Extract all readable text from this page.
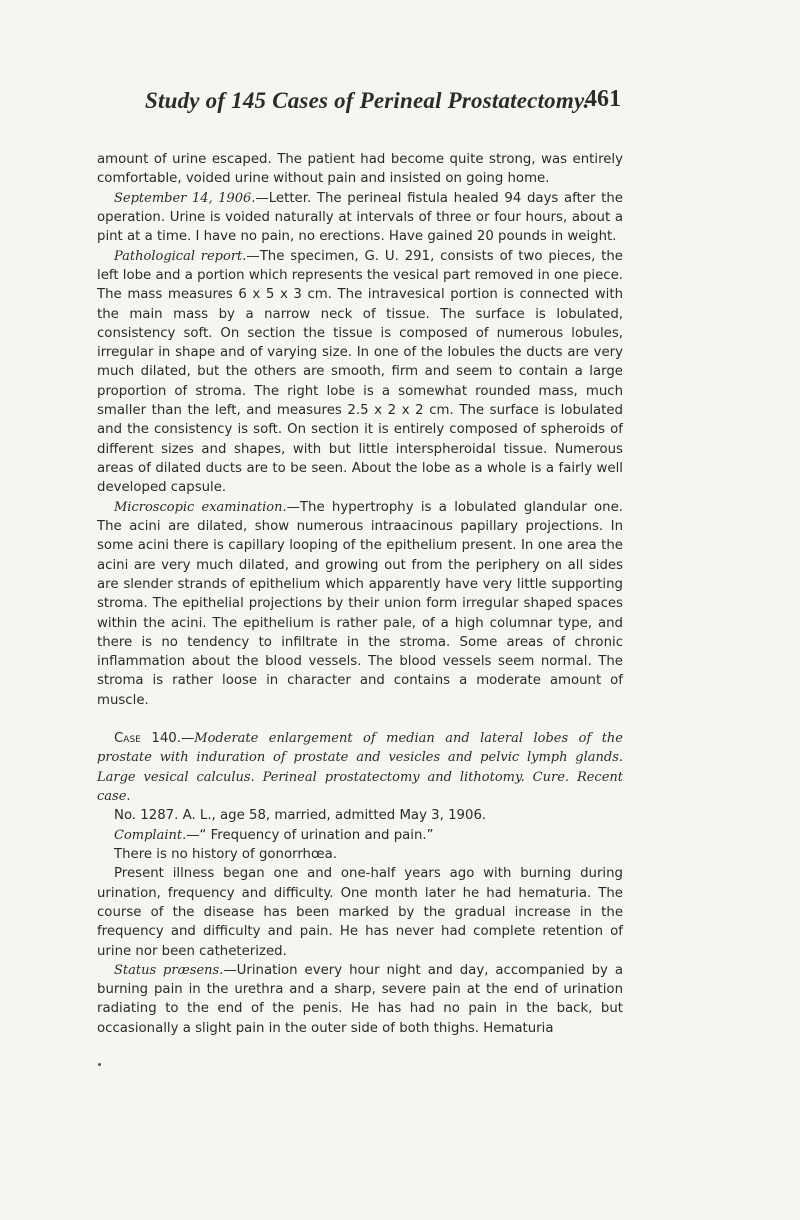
Study of 145 Cases of Perineal Prostatectomy.
461

amount of urine escaped. The patient had become quite strong, was entirely comfortable, voided urine without pain and insisted on going home.

September 14, 1906.—Letter. The perineal fistula healed 94 days after the operation. Urine is voided naturally at intervals of three or four hours, about a pint at a time. I have no pain, no erections. Have gained 20 pounds in weight.

Pathological report.—The specimen, G. U. 291, consists of two pieces, the left lobe and a portion which represents the vesical part removed in one piece. The mass measures 6 x 5 x 3 cm. The intravesical portion is connected with the main mass by a narrow neck of tissue. The surface is lobulated, consistency soft. On section the tissue is composed of numerous lobules, irregular in shape and of varying size. In one of the lobules the ducts are very much dilated, but the others are smooth, firm and seem to contain a large proportion of stroma. The right lobe is a somewhat rounded mass, much smaller than the left, and measures 2.5 x 2 x 2 cm. The surface is lobulated and the consistency is soft. On section it is entirely composed of spheroids of different sizes and shapes, with but little interspheroidal tissue. Numerous areas of dilated ducts are to be seen. About the lobe as a whole is a fairly well developed capsule.

Microscopic examination.—The hypertrophy is a lobulated glandular one. The acini are dilated, show numerous intraacinous papillary projections. In some acini there is capillary looping of the epithelium present. In one area the acini are very much dilated, and growing out from the periphery on all sides are slender strands of epithelium which apparently have very little supporting stroma. The epithelial projections by their union form irregular shaped spaces within the acini. The epithelium is rather pale, of a high columnar type, and there is no tendency to infiltrate in the stroma. Some areas of chronic inflammation about the blood vessels. The blood vessels seem normal. The stroma is rather loose in character and contains a moderate amount of muscle.

Case 140.—Moderate enlargement of median and lateral lobes of the prostate with induration of prostate and vesicles and pelvic lymph glands. Large vesical calculus. Perineal prostatectomy and lithotomy. Cure. Recent case.

No. 1287. A. L., age 58, married, admitted May 3, 1906.

Complaint.—“ Frequency of urination and pain.”

There is no history of gonorrhœa.

Present illness began one and one-half years ago with burning during urination, frequency and difficulty. One month later he had hematuria. The course of the disease has been marked by the gradual increase in the frequency and difficulty and pain. He has never had complete retention of urine nor been catheterized.

Status præsens.—Urination every hour night and day, accompanied by a burning pain in the urethra and a sharp, severe pain at the end of urination radiating to the end of the penis. He has had no pain in the back, but occasionally a slight pain in the outer side of both thighs. Hematuria
